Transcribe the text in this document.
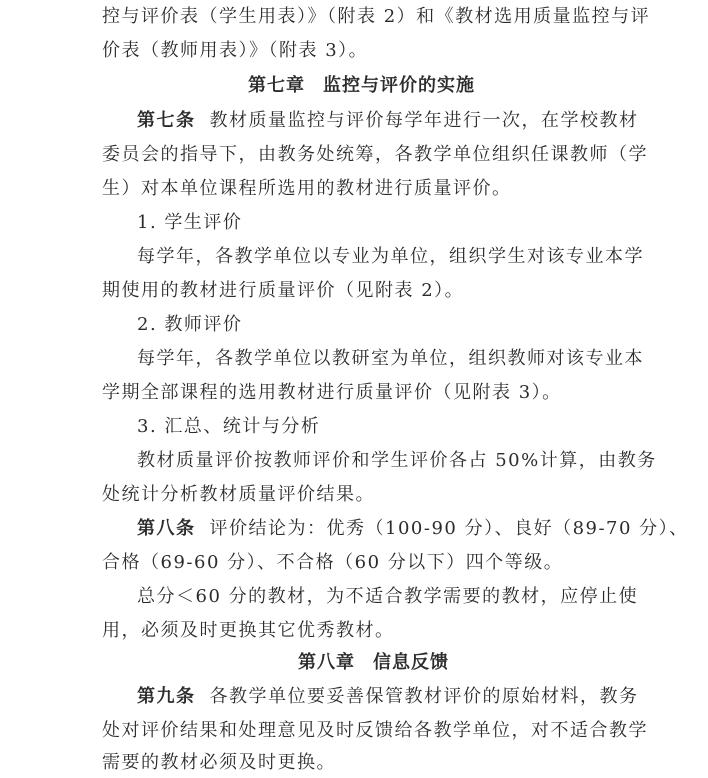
控与评价表（学生用表）》（附表 2）和《教材选用质量监控与评
价表（教师用表）》（附表 3）。
第七章 监控与评价的实施
第七条 教材质量监控与评价每学年进行一次，在学校教材
委员会的指导下，由教务处统筹，各教学单位组织任课教师（学
生）对本单位课程所选用的教材进行质量评价。
1. 学生评价
每学年，各教学单位以专业为单位，组织学生对该专业本学
期使用的教材进行质量评价（见附表 2）。
2. 教师评价
每学年，各教学单位以教研室为单位，组织教师对该专业本
学期全部课程的选用教材进行质量评价（见附表 3）。
3. 汇总、统计与分析
教材质量评价按教师评价和学生评价各占 50%计算，由教务
处统计分析教材质量评价结果。
第八条 评价结论为：优秀（100-90 分）、良好（89-70 分）、
合格（69-60 分）、不合格（60 分以下）四个等级。
总分＜60 分的教材，为不适合教学需要的教材，应停止使
用，必须及时更换其它优秀教材。
第八章 信息反馈
第九条 各教学单位要妥善保管教材评价的原始材料，教务
处对评价结果和处理意见及时反馈给各教学单位，对不适合教学
需要的教材必须及时更换。
